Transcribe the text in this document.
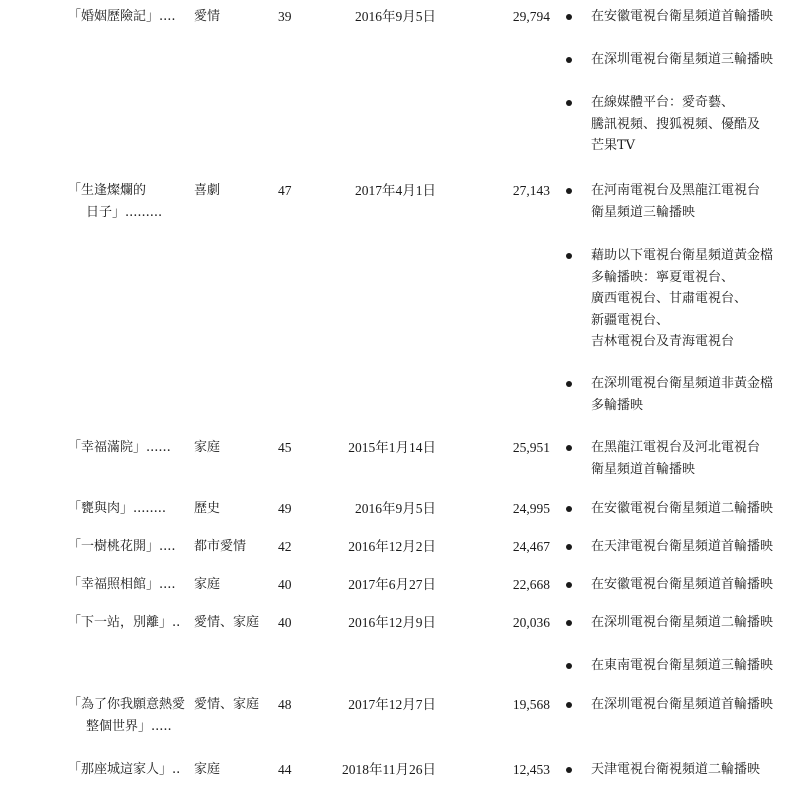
「婚姻歷險記」.... 愛情	39	2016年9月5日	29,794	在安徽電視台衛星頻道首輪播映
在深圳電視台衛星頻道三輪播映
在線媒體平台：愛奇藝、
騰訊視頻、搜狐視頻、優酷及
芒果TV
「生逢燦爛的
日子」.........
喜劇	47	2017年4月1日	27,143	在河南電視台及黑龍江電視台
衛星頻道三輪播映
藉助以下電視台衛星頻道黃金檔
多輪播映：寧夏電視台、
廣西電視台、甘肅電視台、
新疆電視台、
吉林電視台及青海電視台
在深圳電視台衛星頻道非黃金檔
多輪播映
「幸福滿院」...... 家庭	45	2015年1月14日	25,951	在黑龍江電視台及河北電視台
衛星頻道首輪播映
「甕與肉」........ 歷史	49	2016年9月5日	24,995	在安徽電視台衛星頻道二輪播映
「一樹桃花開」.... 都市愛情 42	2016年12月2日	24,467	在天津電視台衛星頻道首輪播映
「幸福照相館」.... 家庭	40	2017年6月27日	22,668	在安徽電視台衛星頻道首輪播映
「下一站，別離」.. 愛情、家庭 40	2016年12月9日	20,036	在深圳電視台衛星頻道二輪播映
在東南電視台衛星頻道三輪播映
「為了你我願意熱愛
整個世界」.....
愛情、家庭 48	2017年12月7日	19,568	在深圳電視台衛星頻道首輪播映
「那座城這家人」.. 家庭	44	2018年11月26日	12,453	天津電視台衛視頻道二輪播映
